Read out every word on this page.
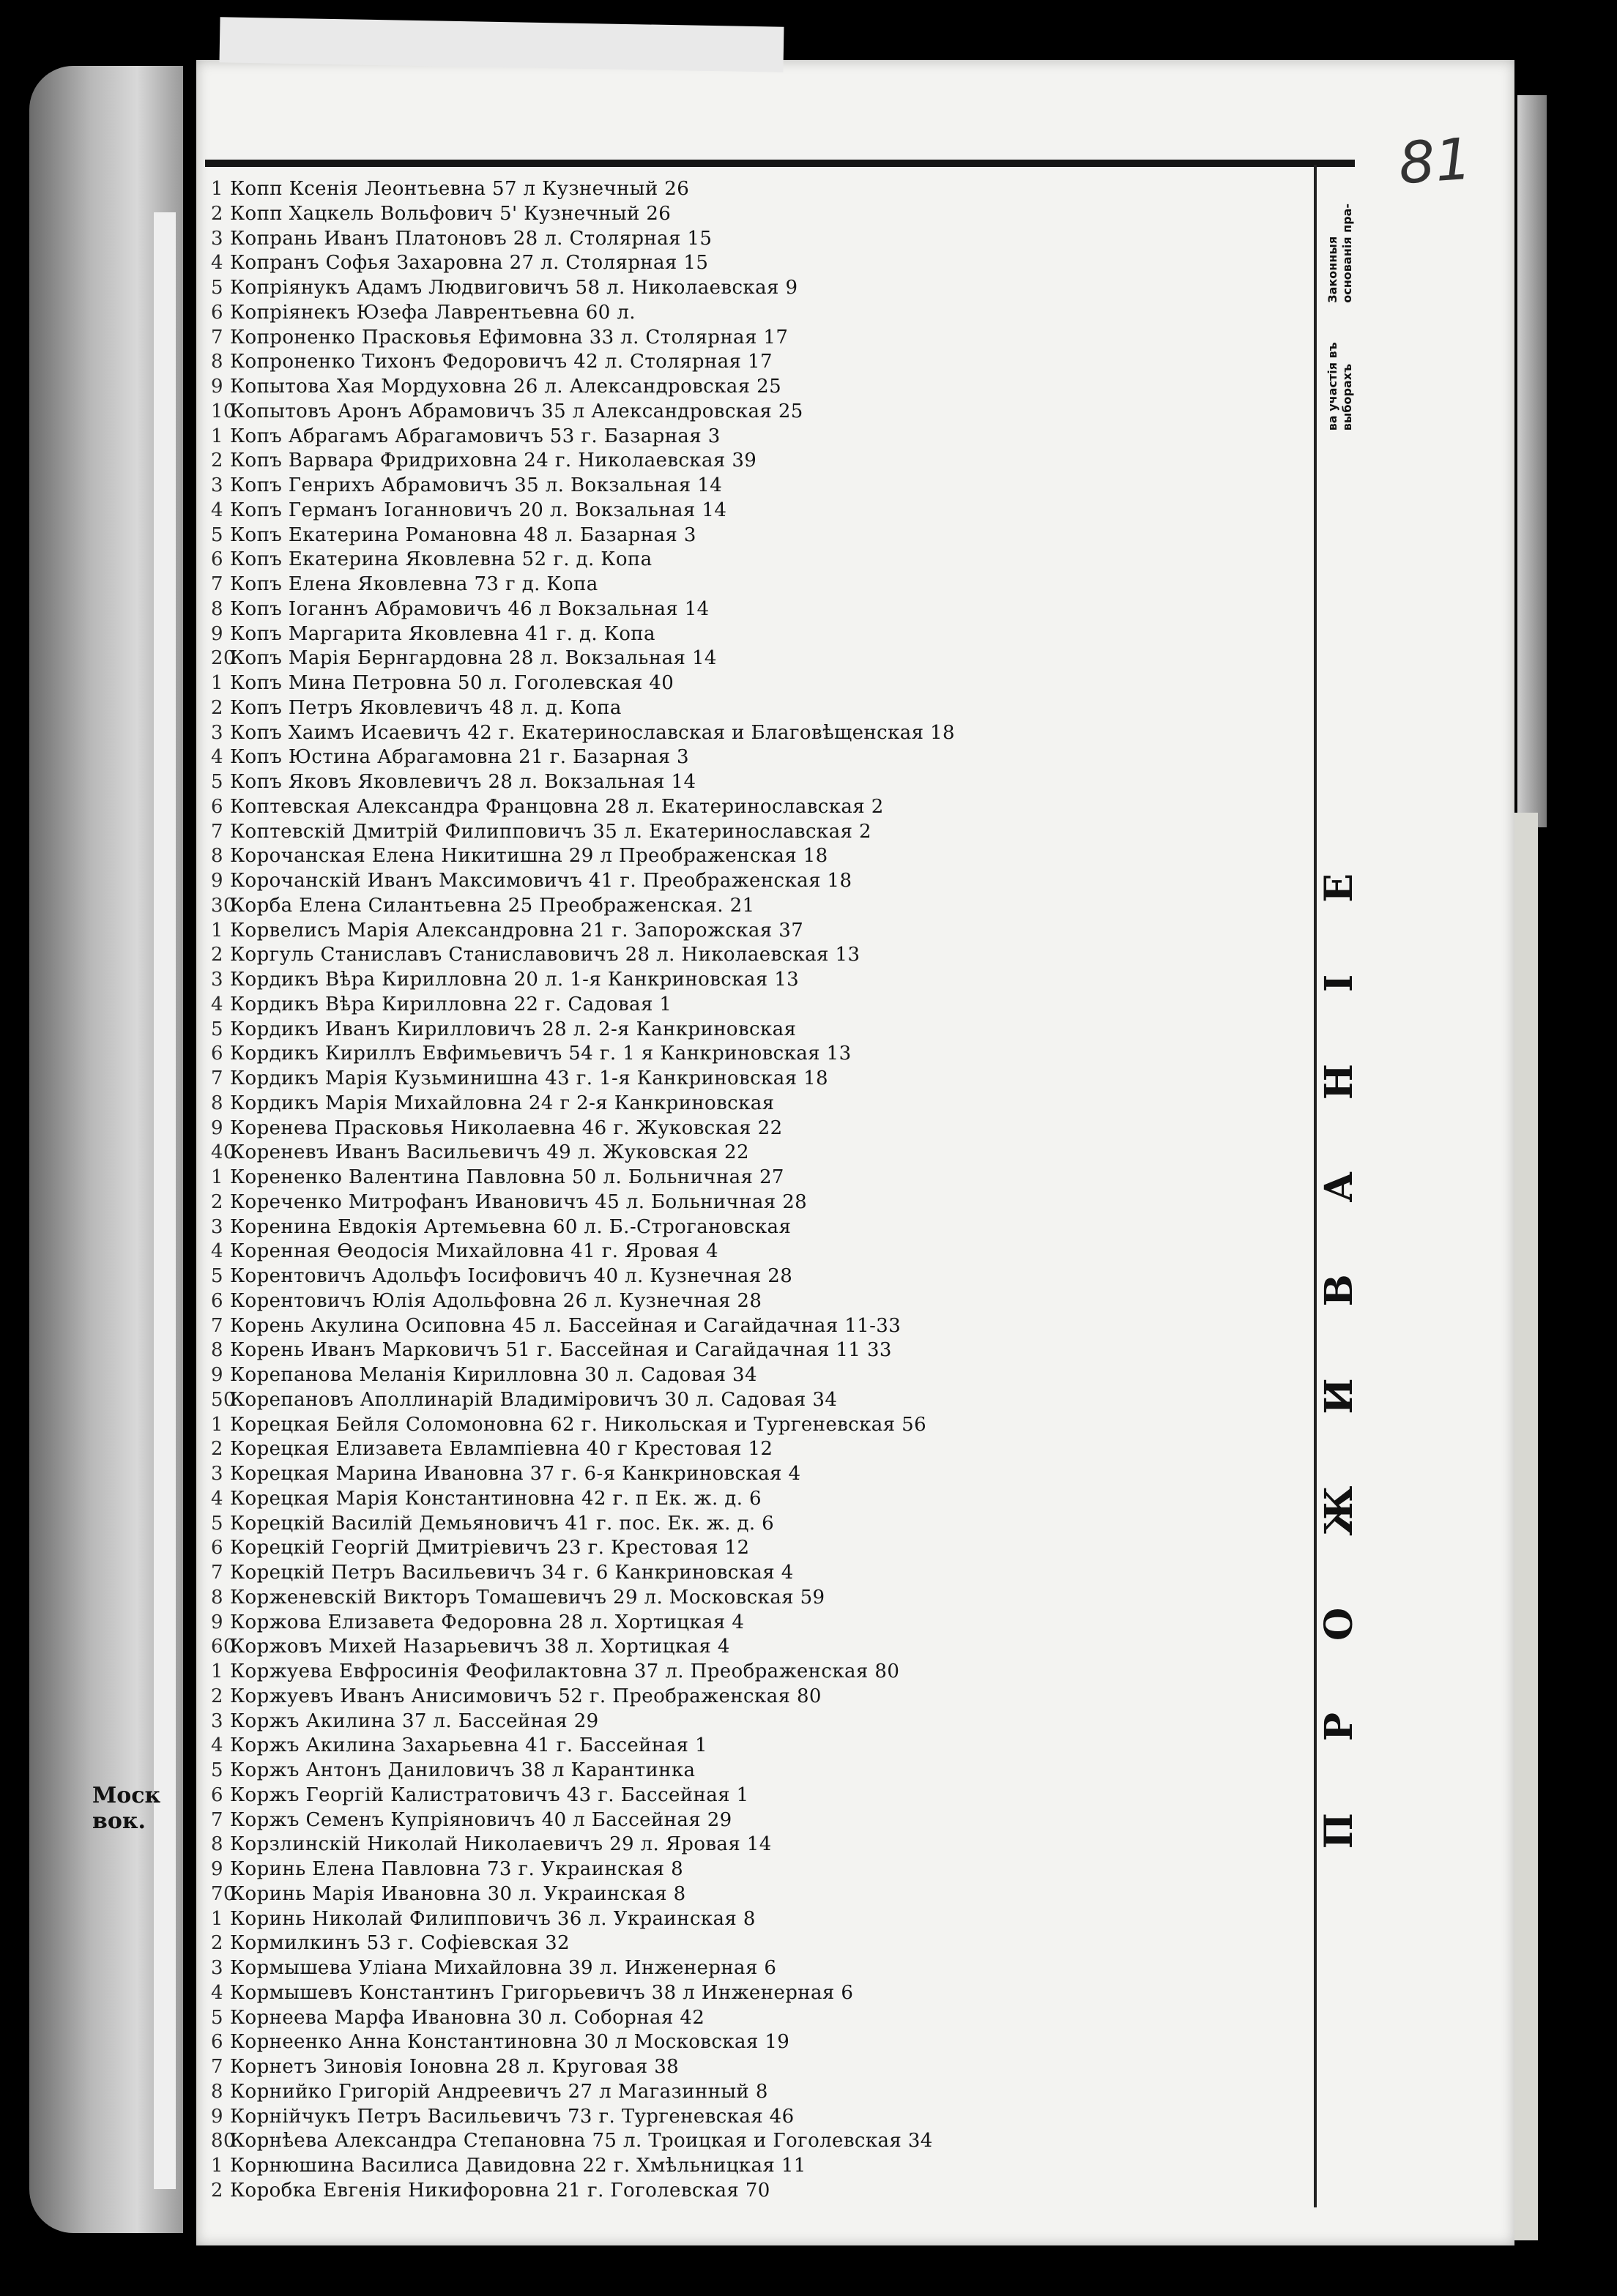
Моск вок.
81
Законныя основанія пра-
ва участія въ выборахъ
ПРОЖИВАНІЕ
1 Копп Ксенія Леонтьевна 57 л Кузнечный 26
2 Копп Хацкель Вольфович 5' Кузнечный 26
3 Копрань Иванъ Платоновъ 28 л. Столярная 15
4 Копранъ Софья Захаровна 27 л. Столярная 15
5 Копріянукъ Адамъ Людвиговичъ 58 л. Николаевская 9
6 Копріянекъ Юзефа Лаврентьевна 60 л.
7 Копроненко Прасковья Ефимовна 33 л. Столярная 17
8 Копроненко Тихонъ Федоровичъ 42 л. Столярная 17
9 Копытова Хая Мордуховна 26 л. Александровская 25
10
Копытовъ Аронъ Абрамовичъ 35 л Александровская 25
1 Копъ Абрагамъ Абрагамовичъ 53 г. Базарная 3
2 Копъ Варвара Фридриховна 24 г. Николаевская 39
3 Копъ Генрихъ Абрамовичъ 35 л. Вокзальная 14
4 Копъ Германъ Іоганновичъ 20 л. Вокзальная 14
5 Копъ Екатерина Романовна 48 л. Базарная 3
6 Копъ Екатерина Яковлевна 52 г. д. Копа
7 Копъ Елена Яковлевна 73 г д. Копа
8 Копъ Іоганнъ Абрамовичъ 46 л Вокзальная 14
9 Копъ Маргарита Яковлевна 41 г. д. Копа
20
Копъ Марія Бернгардовна 28 л. Вокзальная 14
1 Копъ Мина Петровна 50 л. Гоголевская 40
2 Копъ Петръ Яковлевичъ 48 л. д. Копа
3 Копъ Хаимъ Исаевичъ 42 г. Екатеринославская и Благовѣщенская 18
4 Копъ Юстина Абрагамовна 21 г. Базарная 3
5 Копъ Яковъ Яковлевичъ 28 л. Вокзальная 14
6 Коптевская Александра Францовна 28 л. Екатеринославская 2
7 Коптевскій Дмитрій Филипповичъ 35 л. Екатеринославская 2
8 Корочанская Елена Никитишна 29 л Преображенская 18
9 Корочанскій Иванъ Максимовичъ 41 г. Преображенская 18
30
Корба Елена Силантьевна 25 Преображенская. 21
1 Корвелисъ Марія Александровна 21 г. Запорожская 37
2 Коргуль Станиславъ Станиславовичъ 28 л. Николаевская 13
3 Кордикъ Вѣра Кирилловна 20 л. 1-я Канкриновская 13
4 Кордикъ Вѣра Кирилловна 22 г. Садовая 1
5 Кордикъ Иванъ Кирилловичъ 28 л. 2-я Канкриновская
6 Кордикъ Кириллъ Евфимьевичъ 54 г. 1 я Канкриновская 13
7 Кордикъ Марія Кузьминишна 43 г. 1-я Канкриновская 18
8 Кордикъ Марія Михайловна 24 г 2-я Канкриновская
9 Коренева Прасковья Николаевна 46 г. Жуковская 22
40
Кореневъ Иванъ Васильевичъ 49 л. Жуковская 22
1 Корененко Валентина Павловна 50 л. Больничная 27
2 Кореченко Митрофанъ Ивановичъ 45 л. Больничная 28
3 Коренина Евдокія Артемьевна 60 л. Б.-Строгановская
4 Коренная Ѳеодосія Михайловна 41 г. Яровая 4
5 Корентовичъ Адольфъ Іосифовичъ 40 л. Кузнечная 28
6 Корентовичъ Юлія Адольфовна 26 л. Кузнечная 28
7 Корень Акулина Осиповна 45 л. Бассейная и Сагайдачная 11-33
8 Корень Иванъ Марковичъ 51 г. Бассейная и Сагайдачная 11 33
9 Корепанова Меланія Кирилловна 30 л. Садовая 34
50
Корепановъ Аполлинарій Владиміровичъ 30 л. Садовая 34
1 Корецкая Бейля Соломоновна 62 г. Никольская и Тургеневская 56
2 Корецкая Елизавета Евлампіевна 40 г Крестовая 12
3 Корецкая Марина Ивановна 37 г. 6-я Канкриновская 4
4 Корецкая Марія Константиновна 42 г. п Ек. ж. д. 6
5 Корецкій Василій Демьяновичъ 41 г. пос. Ек. ж. д. 6
6 Корецкій Георгій Дмитріевичъ 23 г. Крестовая 12
7 Корецкій Петръ Васильевичъ 34 г. 6 Канкриновская 4
8 Корженевскій Викторъ Томашевичъ 29 л. Московская 59
9 Коржова Елизавета Федоровна 28 л. Хортицкая 4
60
Коржовъ Михей Назарьевичъ 38 л. Хортицкая 4
1 Коржуева Евфросинія Феофилактовна 37 л. Преображенская 80
2 Коржуевъ Иванъ Анисимовичъ 52 г. Преображенская 80
3 Коржъ Акилина 37 л. Бассейная 29
4 Коржъ Акилина Захарьевна 41 г. Бассейная 1
5 Коржъ Антонъ Даниловичъ 38 л Карантинка
6 Коржъ Георгій Калистратовичъ 43 г. Бассейная 1
7 Коржъ Семенъ Купріяновичъ 40 л Бассейная 29
8 Корзлинскій Николай Николаевичъ 29 л. Яровая 14
9 Коринь Елена Павловна 73 г. Украинская 8
70
Коринь Марія Ивановна 30 л. Украинская 8
1 Коринь Николай Филипповичъ 36 л. Украинская 8
2 Кормилкинъ 53 г. Софіевская 32
3 Кормышева Уліана Михайловна 39 л. Инженерная 6
4 Кормышевъ Константинъ Григорьевичъ 38 л Инженерная 6
5 Корнеева Марфа Ивановна 30 л. Соборная 42
6 Корнеенко Анна Константиновна 30 л Московская 19
7 Корнетъ Зиновія Іоновна 28 л. Круговая 38
8 Корнийко Григорій Андреевичъ 27 л Магазинный 8
9 Корнійчукъ Петръ Васильевичъ 73 г. Тургеневская 46
80
Корнѣева Александра Степановна 75 л. Троицкая и Гоголевская 34
1 Корнюшина Василиса Давидовна 22 г. Хмѣльницкая 11
2 Коробка Евгенія Никифоровна 21 г. Гоголевская 70
